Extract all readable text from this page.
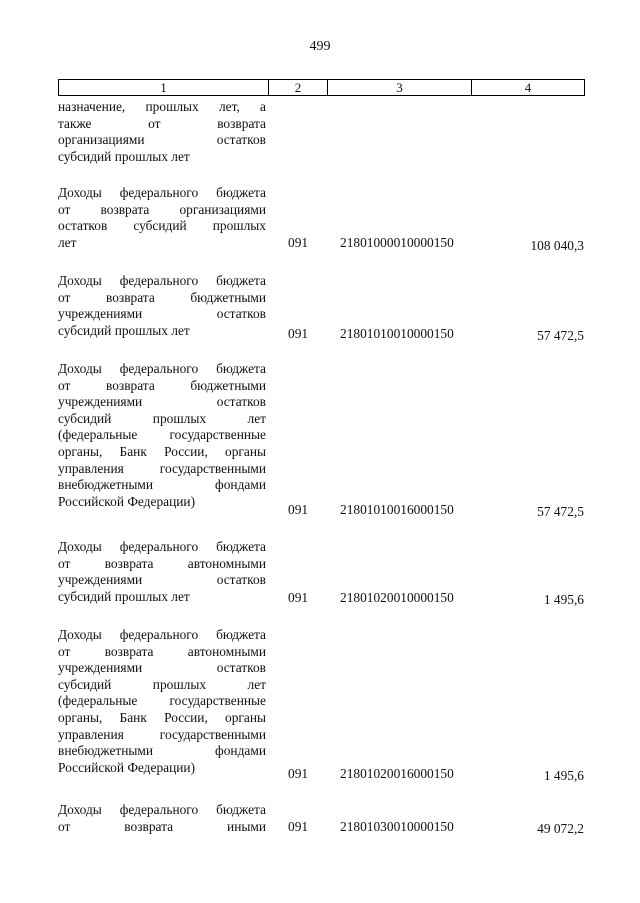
499
1	2	3	4
назначение, прошлых лет, а
также от возврата
организациями остатков
субсидий прошлых лет
Доходы федерального бюджета
от возврата организациями
остатков субсидий прошлых
лет	091 21801000010000150	108 040,3
Доходы федерального бюджета
от возврата бюджетными
учреждениями остатков
субсидий прошлых лет	091 21801010010000150	57 472,5
Доходы федерального бюджета
от возврата бюджетными
учреждениями остатков
субсидий прошлых лет
(федеральные государственные
органы, Банк России, органы
управления государственными
внебюджетными фондами
Российской Федерации)
091 21801010016000150	57 472,5
Доходы федерального бюджета
от возврата автономными
учреждениями остатков
субсидий прошлых лет	091 21801020010000150	1 495,6
Доходы федерального бюджета
от возврата автономными
учреждениями остатков
субсидий прошлых лет
(федеральные государственные
органы, Банк России, органы
управления государственными
внебюджетными фондами
Российской Федерации)	091 21801020016000150	1 495,6
Доходы федерального бюджета
от возврата иными 091 21801030010000150	49 072,2
